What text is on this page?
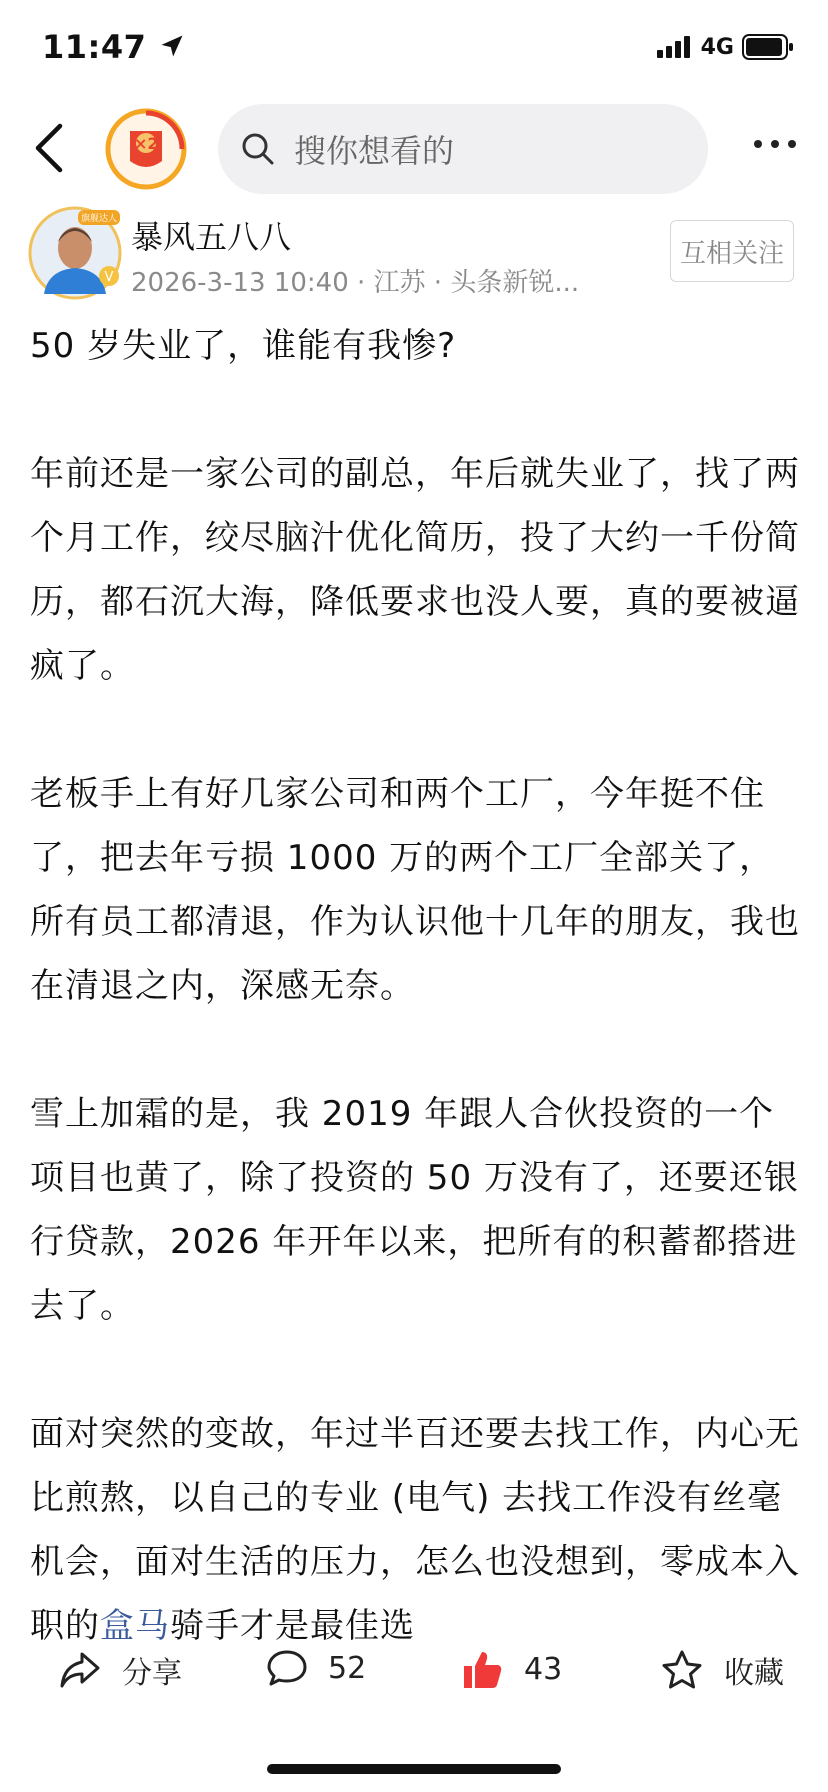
11:47	4G
×2	搜你想看的
V
旗舰达人 暴风五八八
2026-3-13 10:40 · 江苏 · 头条新锐...
互相关注

50 岁失业了，谁能有我惨?

年前还是一家公司的副总，年后就失业了，找了两个月工作，绞尽脑汁优化简历，投了大约一千份简历，都石沉大海，降低要求也没人要，真的要被逼疯了。

老板手上有好几家公司和两个工厂，今年挺不住了，把去年亏损 1000 万的两个工厂全部关了，所有员工都清退，作为认识他十几年的朋友，我也在清退之内，深感无奈。

雪上加霜的是，我 2019 年跟人合伙投资的一个项目也黄了，除了投资的 50 万没有了，还要还银行贷款，2026 年开年以来，把所有的积蓄都搭进去了。

面对突然的变故，年过半百还要去找工作，内心无比煎熬，以自己的专业 (电气) 去找工作没有丝毫机会，面对生活的压力，怎么也没想到，零成本入职的盒马骑手才是最佳选

分享	52	43	收藏
